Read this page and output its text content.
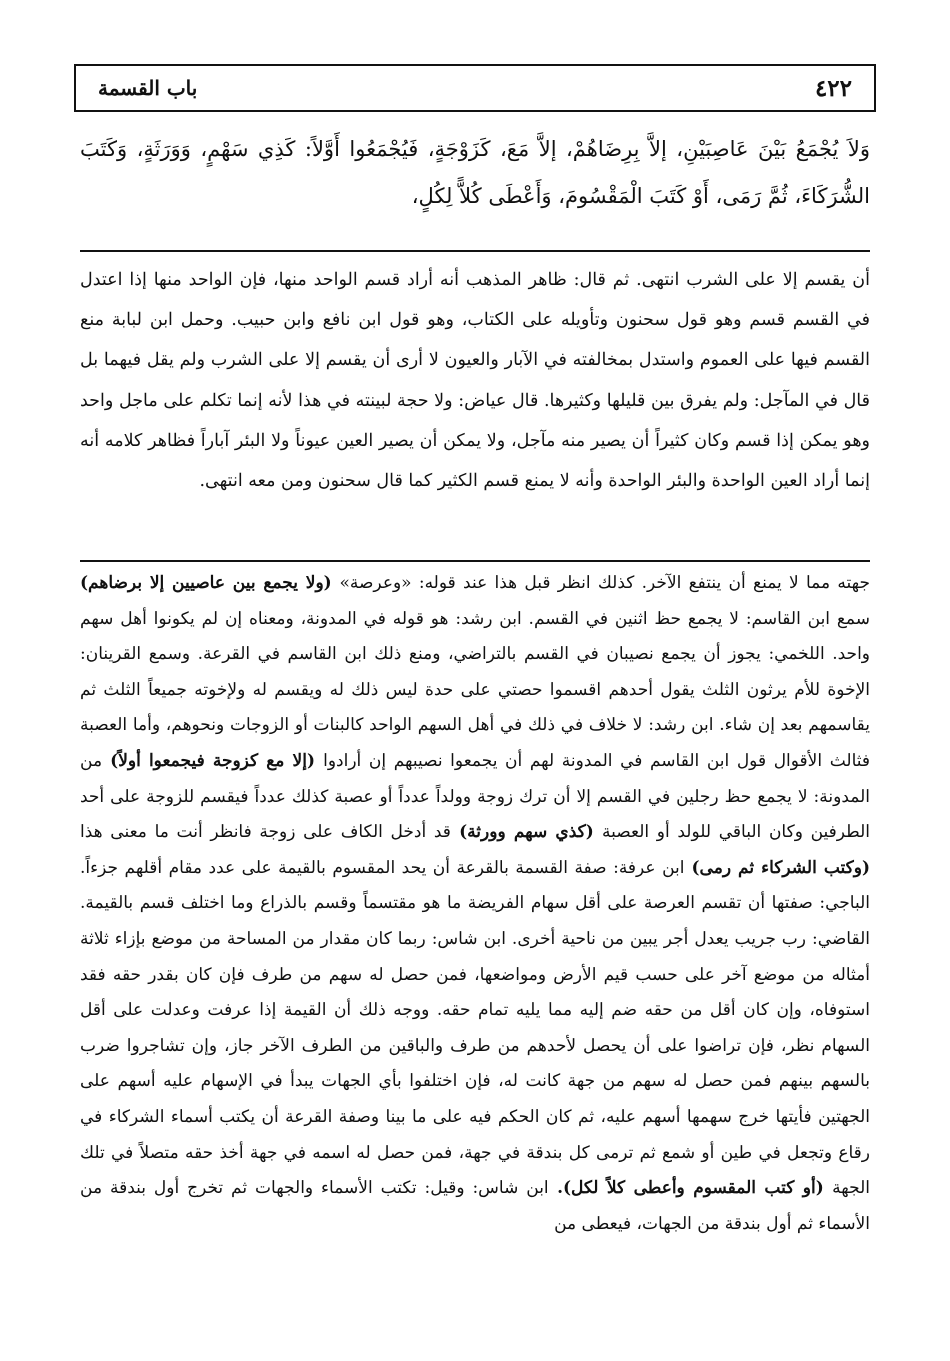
٤٢٢
باب القسمة

وَلاَ يُجْمَعُ بَيْنَ عَاصِبَيْنِ، إلاَّ بِرِضَاهُمْ، إلاَّ مَعَ، كَزَوْجَةٍ، فَيُجْمَعُوا أَوَّلاً: كَذِي سَهْمٍ، وَوَرَثَةٍ، وَكَتَبَ الشُّرَكَاءَ، ثُمَّ رَمَى، أَوْ كَتَبَ الْمَقْسُومَ، وَأَعْطَى كُلاًّ لِكُلٍ،

أن يقسم إلا على الشرب انتهى. ثم قال: ظاهر المذهب أنه أراد قسم الواحد منها، فإن الواحد منها إذا اعتدل في القسم قسم وهو قول سحنون وتأويله على الكتاب، وهو قول ابن نافع وابن حبيب. وحمل ابن لبابة منع القسم فيها على العموم واستدل بمخالفته في الآبار والعيون لا أرى أن يقسم إلا على الشرب ولم يقل فيهما بل قال في المآجل: ولم يفرق بين قليلها وكثيرها. قال عياض: ولا حجة لبينته في هذا لأنه إنما تكلم على ماجل واحد وهو يمكن إذا قسم وكان كثيراً أن يصير منه مآجل، ولا يمكن أن يصير العين عيوناً ولا البئر آباراً فظاهر كلامه أنه إنما أراد العين الواحدة والبئر الواحدة وأنه لا يمنع قسم الكثير كما قال سحنون ومن معه انتهى.

جهته مما لا يمنع أن ينتفع الآخر. كذلك انظر قبل هذا عند قوله: «وعرصة» (ولا يجمع بين عاصيين إلا برضاهم) سمع ابن القاسم: لا يجمع حظ اثنين في القسم. ابن رشد: هو قوله في المدونة، ومعناه إن لم يكونوا أهل سهم واحد. اللخمي: يجوز أن يجمع نصيبان في القسم بالتراضي، ومنع ذلك ابن القاسم في القرعة. وسمع القرينان: الإخوة للأم يرثون الثلث يقول أحدهم اقسموا حصتي على حدة ليس ذلك له ويقسم له ولإخوته جميعاً الثلث ثم يقاسمهم بعد إن شاء. ابن رشد: لا خلاف في ذلك في أهل السهم الواحد كالبنات أو الزوجات ونحوهم، وأما العصبة فثالث الأقوال قول ابن القاسم في المدونة لهم أن يجمعوا نصيبهم إن أرادوا (إلا مع كزوجة فيجمعوا أولاً) من المدونة: لا يجمع حظ رجلين في القسم إلا أن ترك زوجة وولداً عدداً أو عصبة كذلك عدداً فيقسم للزوجة على أحد الطرفين وكان الباقي للولد أو العصبة (كذي سهم وورثة) قد أدخل الكاف على زوجة فانظر أنت ما معنى هذا (وكتب الشركاء ثم رمى) ابن عرفة: صفة القسمة بالقرعة أن يحد المقسوم بالقيمة على عدد مقام أقلهم جزءاً. الباجي: صفتها أن تقسم العرصة على أقل سهام الفريضة ما هو مقتسماً وقسم بالذراع وما اختلف قسم بالقيمة. القاضي: رب جريب يعدل أجر يبين من ناحية أخرى. ابن شاس: ربما كان مقدار من المساحة من موضع بإزاء ثلاثة أمثاله من موضع آخر على حسب قيم الأرض ومواضعها، فمن حصل له سهم من طرف فإن كان بقدر حقه فقد استوفاه، وإن كان أقل من حقه ضم إليه مما يليه تمام حقه. ووجه ذلك أن القيمة إذا عرفت وعدلت على أقل السهام نظر، فإن تراضوا على أن يحصل لأحدهم من طرف والباقين من الطرف الآخر جاز، وإن تشاجروا ضرب بالسهم بينهم فمن حصل له سهم من جهة كانت له، فإن اختلفوا بأي الجهات يبدأ في الإسهام عليه أسهم على الجهتين فأيتها خرج سهمها أسهم عليه، ثم كان الحكم فيه على ما بينا وصفة القرعة أن يكتب أسماء الشركاء في رقاع وتجعل في طين أو شمع ثم ترمى كل بندقة في جهة، فمن حصل له اسمه في جهة أخذ حقه متصلاً في تلك الجهة (أو كتب المقسوم وأعطى كلاً لكل). ابن شاس: وقيل: تكتب الأسماء والجهات ثم تخرج أول بندقة من الأسماء ثم أول بندقة من الجهات، فيعطى من
